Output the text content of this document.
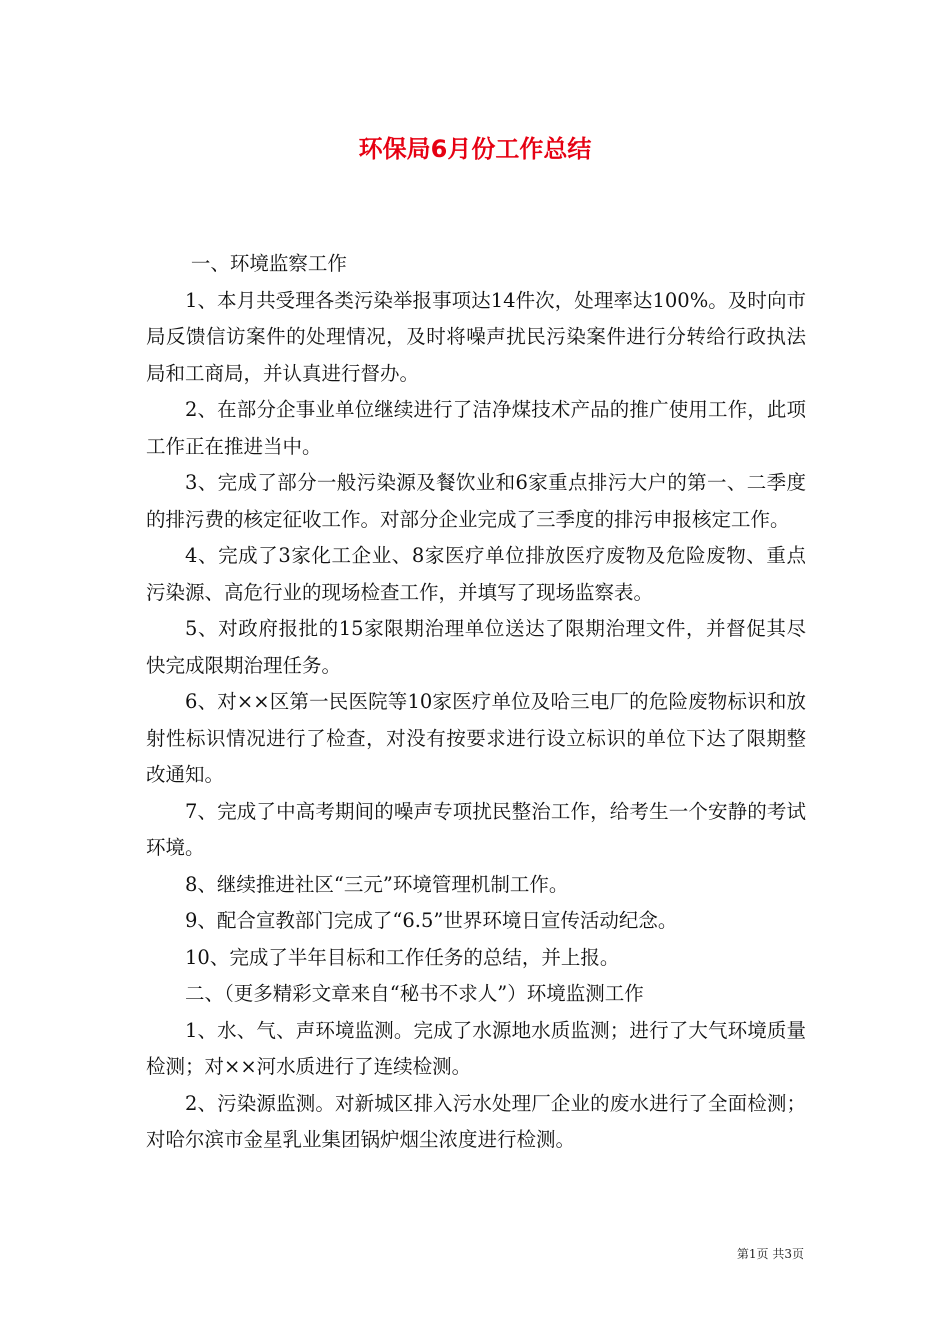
环保局6月份工作总结

一、环境监察工作

1、本月共受理各类污染举报事项达14件次，处理率达100%。及时向市局反馈信访案件的处理情况，及时将噪声扰民污染案件进行分转给行政执法局和工商局，并认真进行督办。

2、在部分企事业单位继续进行了洁净煤技术产品的推广使用工作，此项工作正在推进当中。

3、完成了部分一般污染源及餐饮业和6家重点排污大户的第一、二季度的排污费的核定征收工作。对部分企业完成了三季度的排污申报核定工作。

4、完成了3家化工企业、8家医疗单位排放医疗废物及危险废物、重点污染源、高危行业的现场检查工作，并填写了现场监察表。

5、对政府报批的15家限期治理单位送达了限期治理文件，并督促其尽快完成限期治理任务。

6、对××区第一民医院等10家医疗单位及哈三电厂的危险废物标识和放射性标识情况进行了检查，对没有按要求进行设立标识的单位下达了限期整改通知。

7、完成了中高考期间的噪声专项扰民整治工作，给考生一个安静的考试环境。

8、继续推进社区“三元”环境管理机制工作。

9、配合宣教部门完成了“6.5”世界环境日宣传活动纪念。

10、完成了半年目标和工作任务的总结，并上报。

二、（更多精彩文章来自“秘书不求人”）环境监测工作

1、水、气、声环境监测。完成了水源地水质监测；进行了大气环境质量检测；对××河水质进行了连续检测。

2、污染源监测。对新城区排入污水处理厂企业的废水进行了全面检测；对哈尔滨市金星乳业集团锅炉烟尘浓度进行检测。

第1页 共3页
